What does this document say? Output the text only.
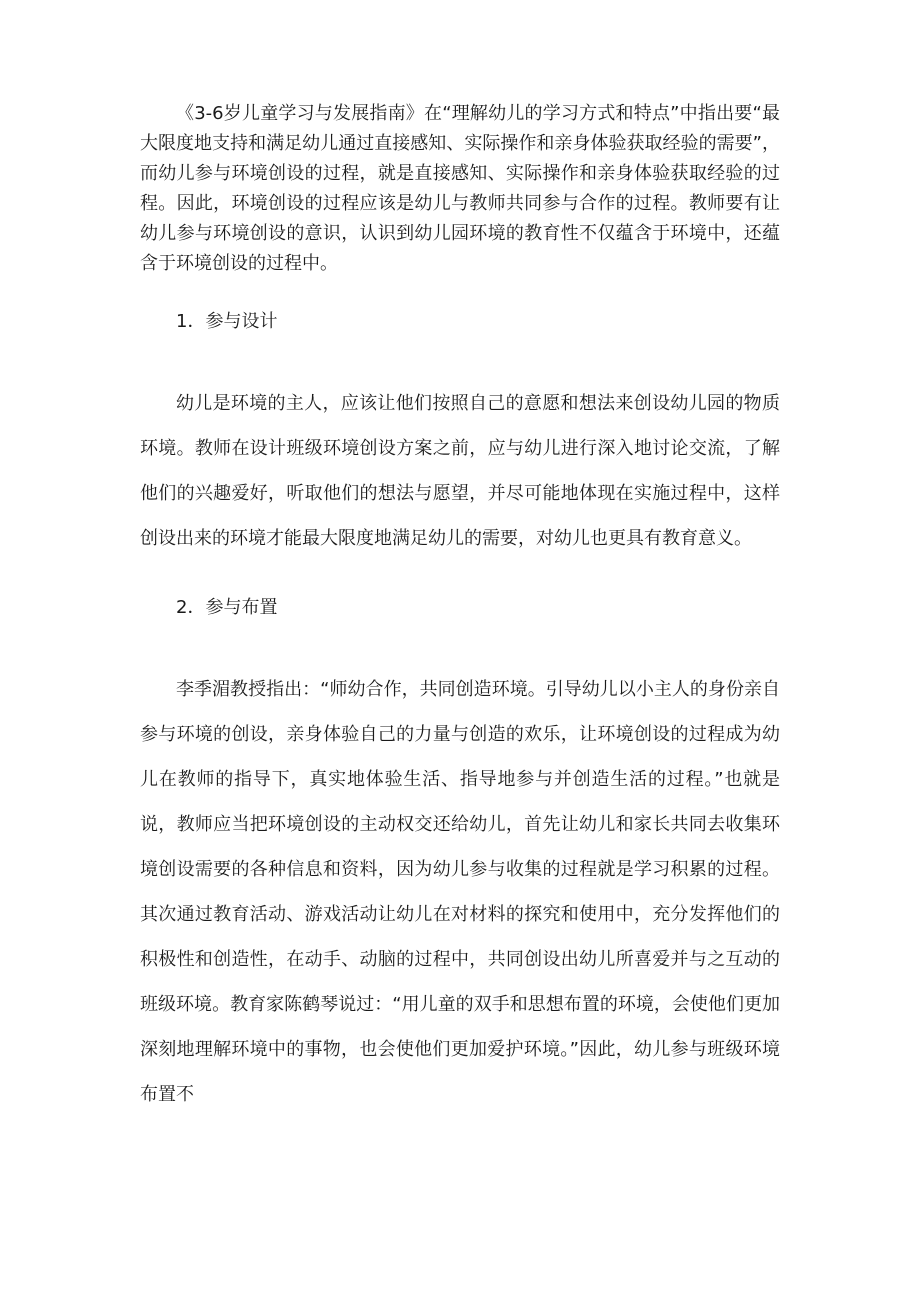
《3-6岁儿童学习与发展指南》在“理解幼儿的学习方式和特点”中指出要“最大限度地支持和满足幼儿通过直接感知、实际操作和亲身体验获取经验的需要”，而幼儿参与环境创设的过程，就是直接感知、实际操作和亲身体验获取经验的过程。因此，环境创设的过程应该是幼儿与教师共同参与合作的过程。教师要有让幼儿参与环境创设的意识，认识到幼儿园环境的教育性不仅蕴含于环境中，还蕴含于环境创设的过程中。

1．参与设计

幼儿是环境的主人，应该让他们按照自己的意愿和想法来创设幼儿园的物质环境。教师在设计班级环境创设方案之前，应与幼儿进行深入地讨论交流，了解他们的兴趣爱好，听取他们的想法与愿望，并尽可能地体现在实施过程中，这样创设出来的环境才能最大限度地满足幼儿的需要，对幼儿也更具有教育意义。

2．参与布置

李季湄教授指出：“师幼合作，共同创造环境。引导幼儿以小主人的身份亲自参与环境的创设，亲身体验自己的力量与创造的欢乐，让环境创设的过程成为幼儿在教师的指导下，真实地体验生活、指导地参与并创造生活的过程。”也就是说，教师应当把环境创设的主动权交还给幼儿，首先让幼儿和家长共同去收集环境创设需要的各种信息和资料，因为幼儿参与收集的过程就是学习积累的过程。其次通过教育活动、游戏活动让幼儿在对材料的探究和使用中，充分发挥他们的积极性和创造性，在动手、动脑的过程中，共同创设出幼儿所喜爱并与之互动的班级环境。教育家陈鹤琴说过：“用儿童的双手和思想布置的环境，会使他们更加深刻地理解环境中的事物，也会使他们更加爱护环境。”因此，幼儿参与班级环境布置不
